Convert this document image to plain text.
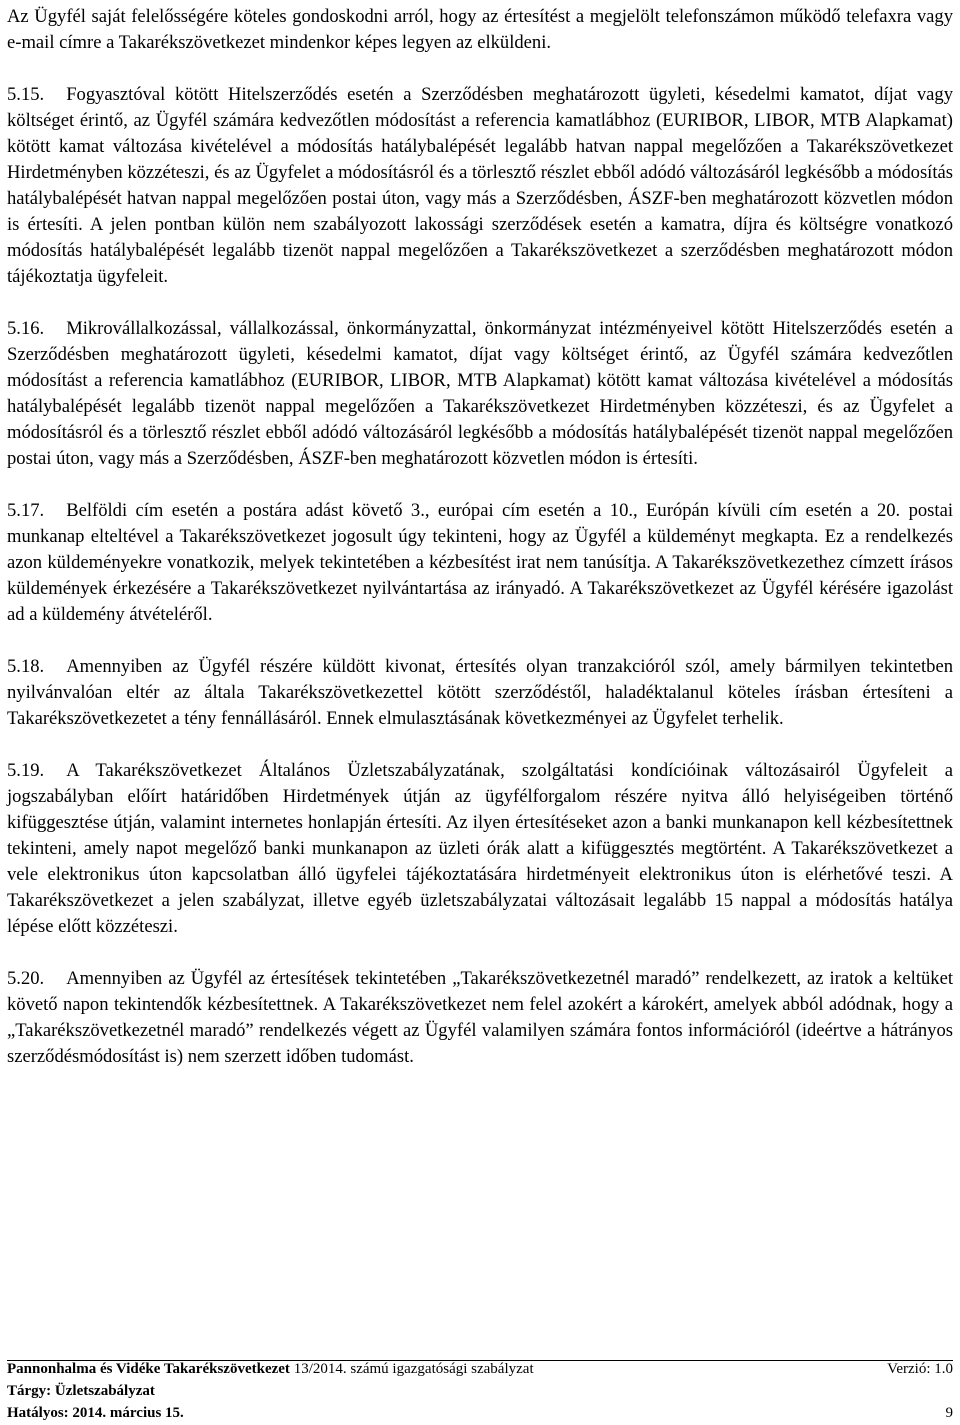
Az Ügyfél saját felelősségére köteles gondoskodni arról, hogy az értesítést a megjelölt telefonszámon működő telefaxra vagy e-mail címre a Takarékszövetkezet mindenkor képes legyen az elküldeni.

5.15. Fogyasztóval kötött Hitelszerződés esetén a Szerződésben meghatározott ügyleti, késedelmi kamatot, díjat vagy költséget érintő, az Ügyfél számára kedvezőtlen módosítást a referencia kamatlábhoz (EURIBOR, LIBOR, MTB Alapkamat) kötött kamat változása kivételével a módosítás hatálybalépését legalább hatvan nappal megelőzően a Takarékszövetkezet Hirdetményben közzéteszi, és az Ügyfelet a módosításról és a törlesztő részlet ebből adódó változásáról legkésőbb a módosítás hatálybalépését hatvan nappal megelőzően postai úton, vagy más a Szerződésben, ÁSZF-ben meghatározott közvetlen módon is értesíti. A jelen pontban külön nem szabályozott lakossági szerződések esetén a kamatra, díjra és költségre vonatkozó módosítás hatálybalépését legalább tizenöt nappal megelőzően a Takarékszövetkezet a szerződésben meghatározott módon tájékoztatja ügyfeleit.

5.16. Mikrovállalkozással, vállalkozással, önkormányzattal, önkormányzat intézményeivel kötött Hitelszerződés esetén a Szerződésben meghatározott ügyleti, késedelmi kamatot, díjat vagy költséget érintő, az Ügyfél számára kedvezőtlen módosítást a referencia kamatlábhoz (EURIBOR, LIBOR, MTB Alapkamat) kötött kamat változása kivételével a módosítás hatálybalépését legalább tizenöt nappal megelőzően a Takarékszövetkezet Hirdetményben közzéteszi, és az Ügyfelet a módosításról és a törlesztő részlet ebből adódó változásáról legkésőbb a módosítás hatálybalépését tizenöt nappal megelőzően postai úton, vagy más a Szerződésben, ÁSZF-ben meghatározott közvetlen módon is értesíti.

5.17. Belföldi cím esetén a postára adást követő 3., európai cím esetén a 10., Európán kívüli cím esetén a 20. postai munkanap elteltével a Takarékszövetkezet jogosult úgy tekinteni, hogy az Ügyfél a küldeményt megkapta. Ez a rendelkezés azon küldeményekre vonatkozik, melyek tekintetében a kézbesítést irat nem tanúsítja. A Takarékszövetkezethez címzett írásos küldemények érkezésére a Takarékszövetkezet nyilvántartása az irányadó. A Takarékszövetkezet az Ügyfél kérésére igazolást ad a küldemény átvételéről.

5.18. Amennyiben az Ügyfél részére küldött kivonat, értesítés olyan tranzakcióról szól, amely bármilyen tekintetben nyilvánvalóan eltér az általa Takarékszövetkezettel kötött szerződéstől, haladéktalanul köteles írásban értesíteni a Takarékszövetkezetet a tény fennállásáról. Ennek elmulasztásának következményei az Ügyfelet terhelik.

5.19. A Takarékszövetkezet Általános Üzletszabályzatának, szolgáltatási kondícióinak változásairól Ügyfeleit a jogszabályban előírt határidőben Hirdetmények útján az ügyfélforgalom részére nyitva álló helyiségeiben történő kifüggesztése útján, valamint internetes honlapján értesíti. Az ilyen értesítéseket azon a banki munkanapon kell kézbesítettnek tekinteni, amely napot megelőző banki munkanapon az üzleti órák alatt a kifüggesztés megtörtént. A Takarékszövetkezet a vele elektronikus úton kapcsolatban álló ügyfelei tájékoztatására hirdetményeit elektronikus úton is elérhetővé teszi. A Takarékszövetkezet a jelen szabályzat, illetve egyéb üzletszabályzatai változásait legalább 15 nappal a módosítás hatálya lépése előtt közzéteszi.

5.20. Amennyiben az Ügyfél az értesítések tekintetében „Takarékszövetkezetnél maradó” rendelkezett, az iratok a keltüket követő napon tekintendők kézbesítettnek. A Takarékszövetkezet nem felel azokért a károkért, amelyek abból adódnak, hogy a „Takarékszövetkezetnél maradó” rendelkezés végett az Ügyfél valamilyen számára fontos információról (ideértve a hátrányos szerződésmódosítást is) nem szerzett időben tudomást.

Pannonhalma és Vidéke Takarékszövetkezet 13/2014. számú igazgatósági szabályzat	Verzió: 1.0
Tárgy: Üzletszabályzat
Hatályos: 2014. március 15.	9
